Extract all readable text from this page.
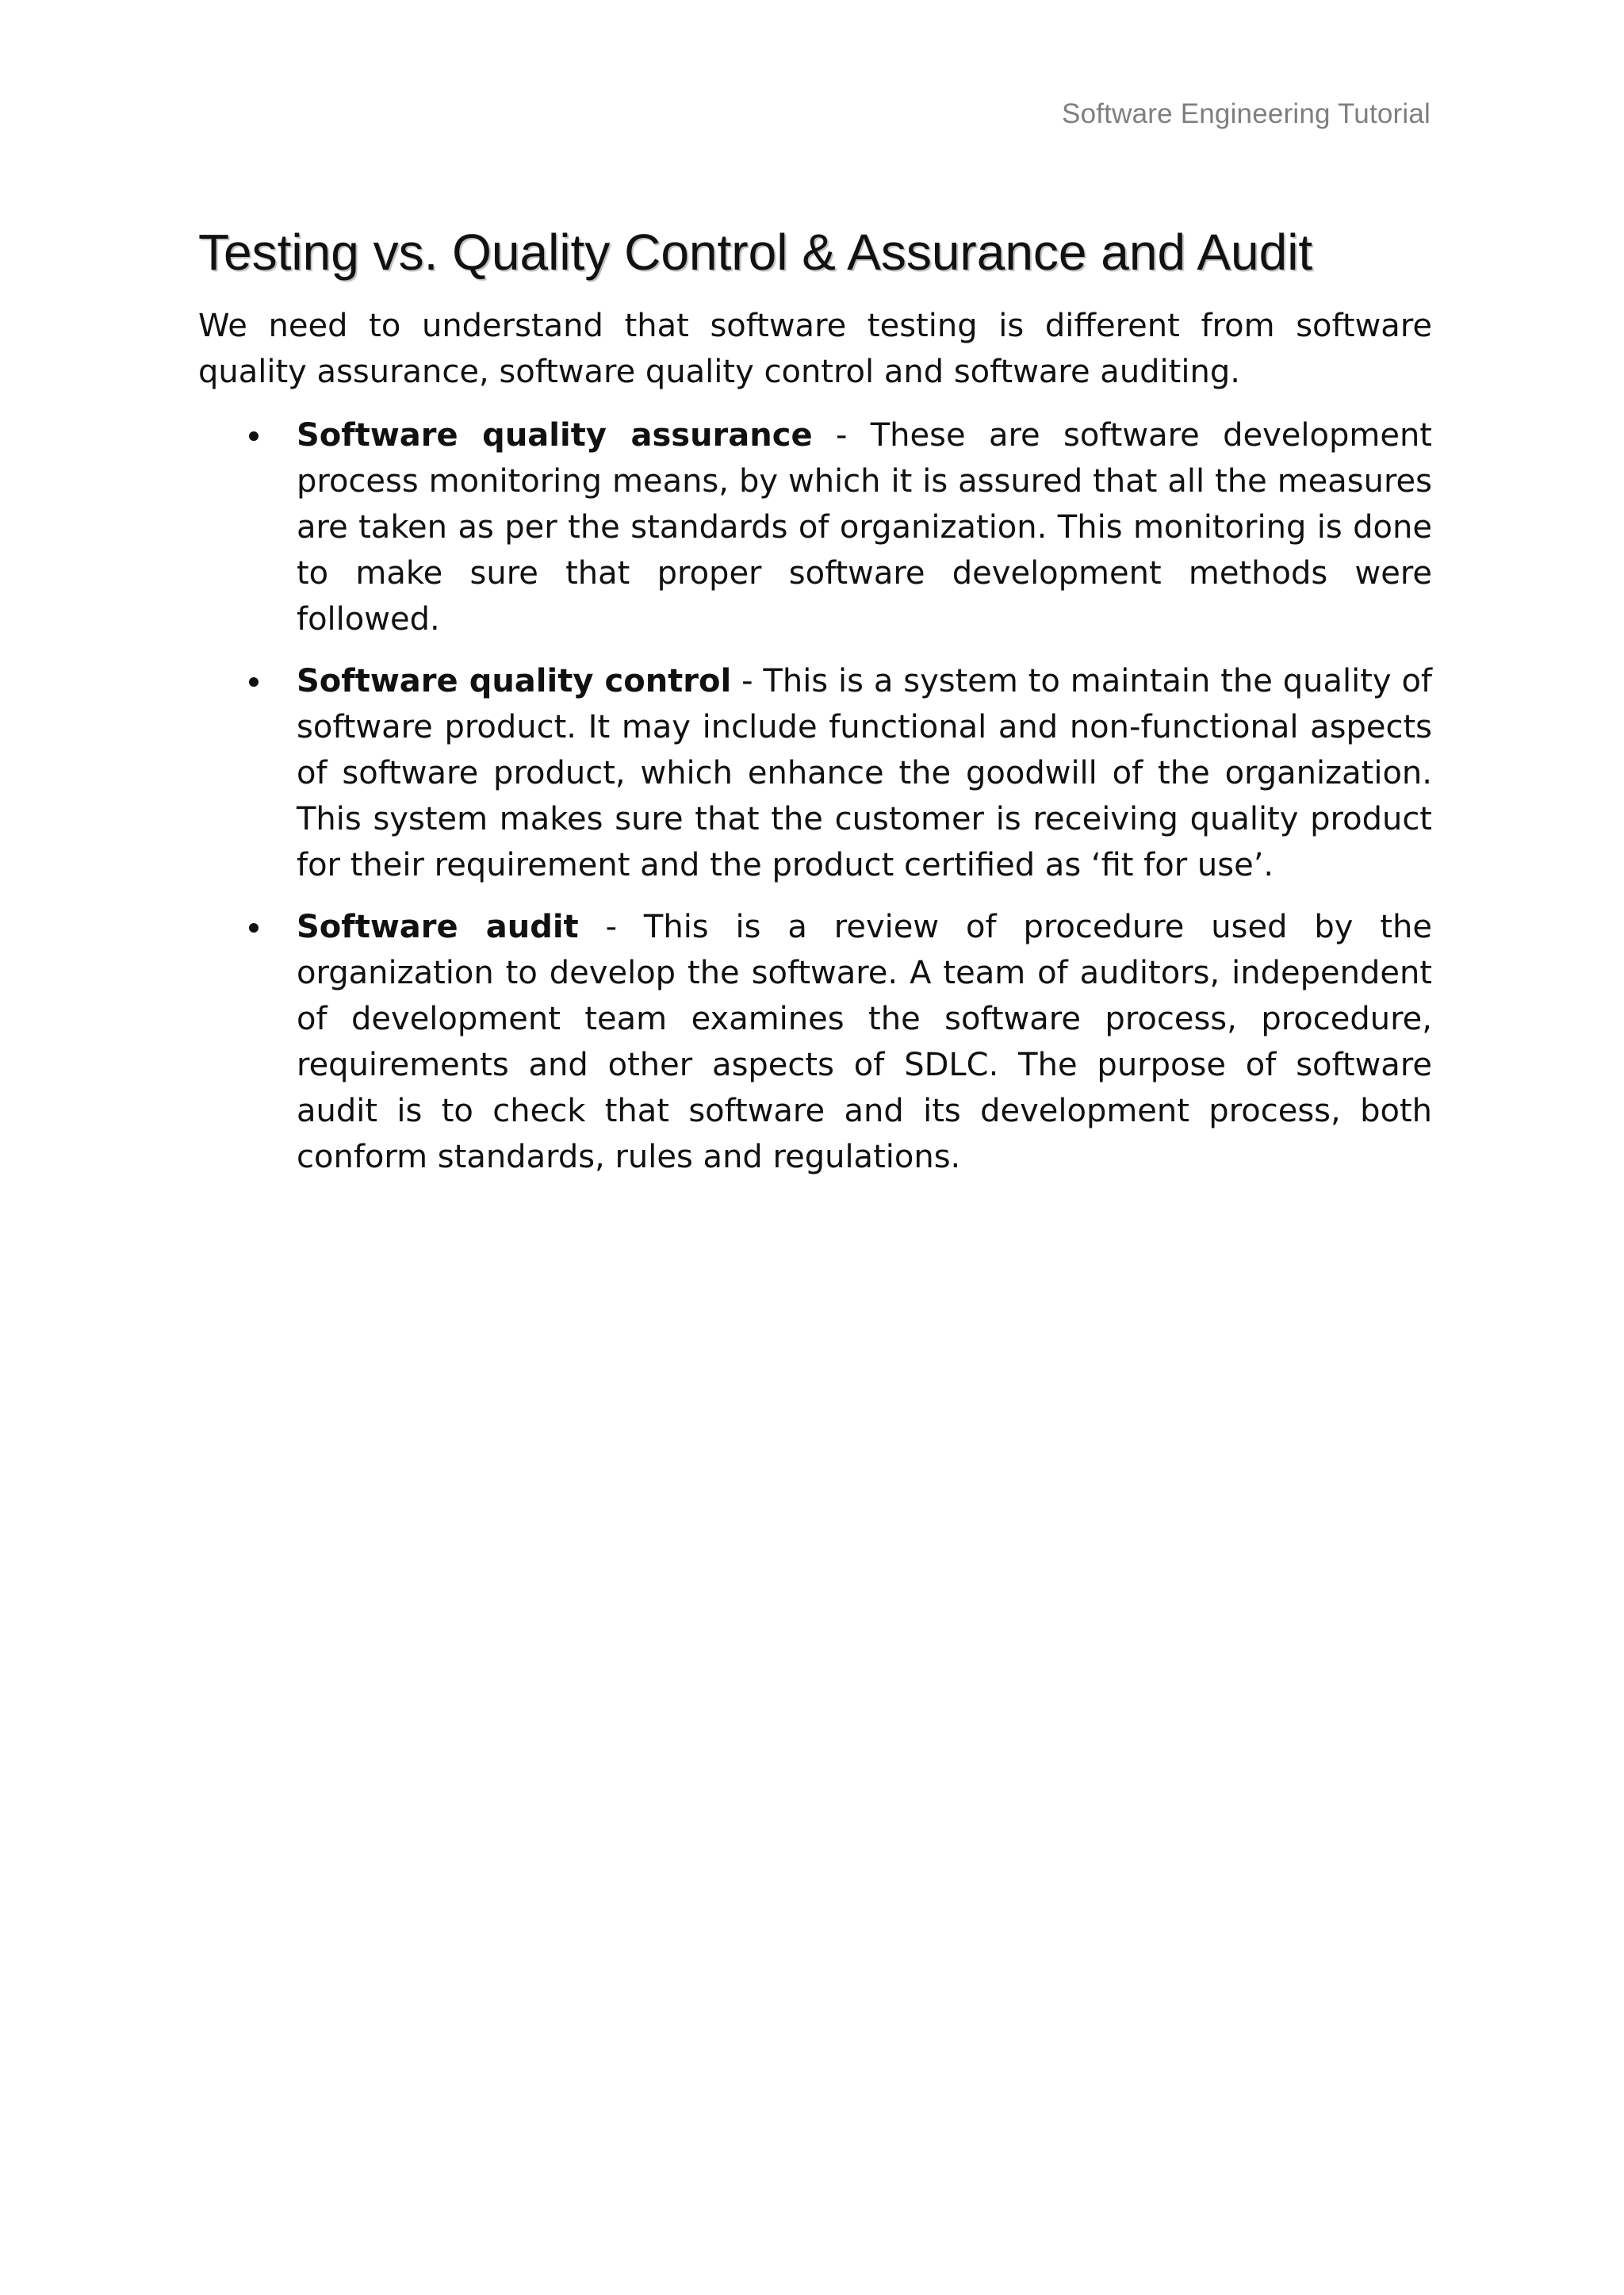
Software Engineering Tutorial
Testing vs. Quality Control & Assurance and Audit

We need to understand that software testing is different from software quality assurance, software quality control and software auditing.

Software quality assurance - These are software development process monitoring means, by which it is assured that all the measures are taken as per the standards of organization. This monitoring is done to make sure that proper software development methods were followed.

Software quality control - This is a system to maintain the quality of software product. It may include functional and non-functional aspects of software product, which enhance the goodwill of the organization. This system makes sure that the customer is receiving quality product for their requirement and the product certified as ‘fit for use’.

Software audit - This is a review of procedure used by the organization to develop the software. A team of auditors, independent of development team examines the software process, procedure, requirements and other aspects of SDLC. The purpose of software audit is to check that software and its development process, both conform standards, rules and regulations.
